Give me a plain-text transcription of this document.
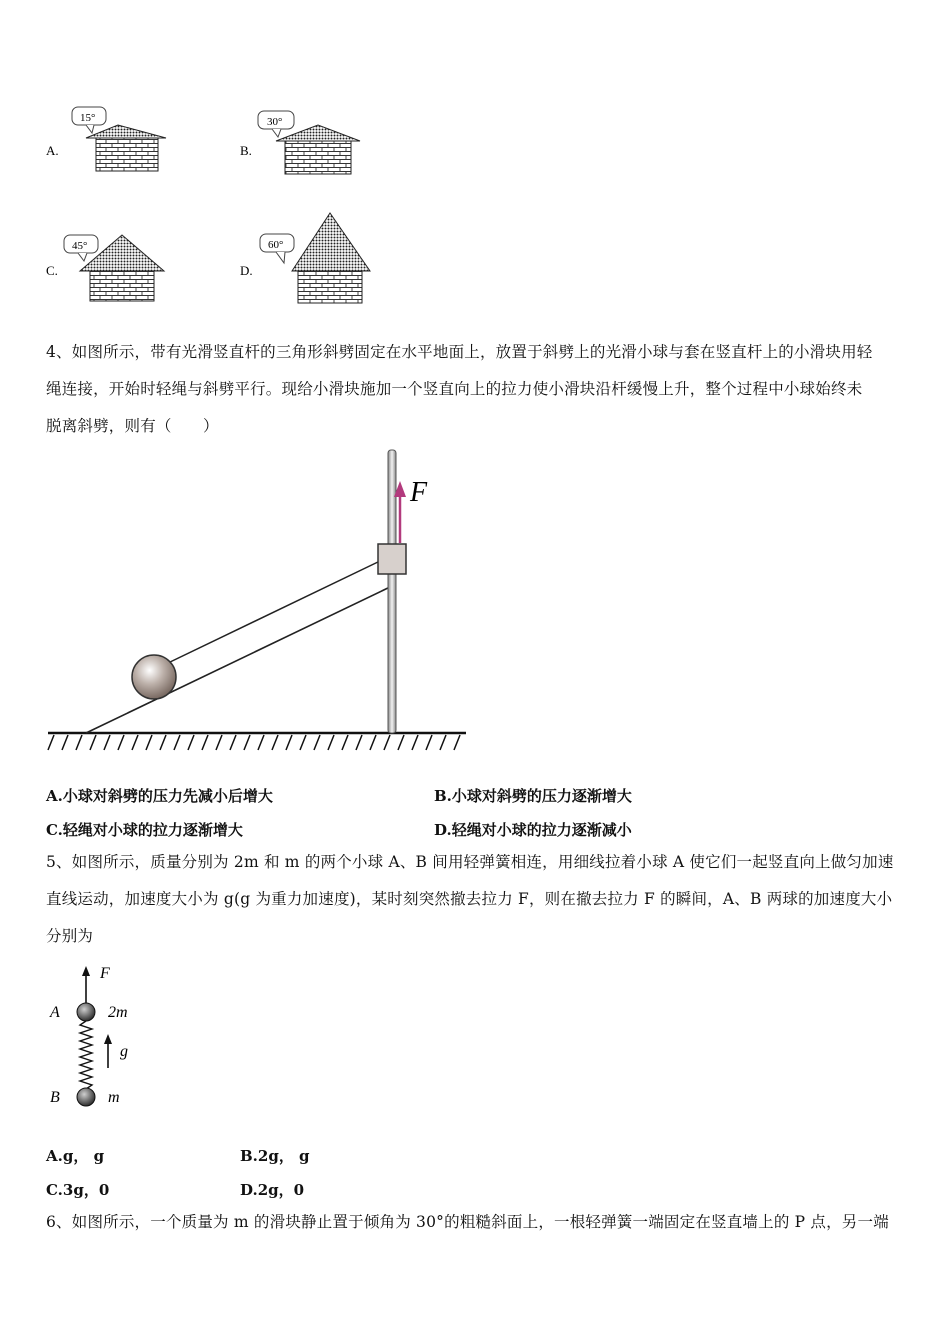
A.
15°
B.
30°
C.
45°
D.
60°
4、如图所示，带有光滑竖直杆的三角形斜劈固定在水平地面上，放置于斜劈上的光滑小球与套在竖直杆上的小滑块用轻
绳连接，开始时轻绳与斜劈平行。现给小滑块施加一个竖直向上的拉力使小滑块沿杆缓慢上升，整个过程中小球始终未
脱离斜劈，则有（　　）
F
A.小球对斜劈的压力先减小后增大	B.小球对斜劈的压力逐渐增大
C.轻绳对小球的拉力逐渐增大	D.轻绳对小球的拉力逐渐减小
5、如图所示，质量分别为 2m 和 m 的两个小球 A、B 间用轻弹簧相连，用细线拉着小球 A 使它们一起竖直向上做匀加速
直线运动，加速度大小为 g(g 为重力加速度)，某时刻突然撤去拉力 F，则在撤去拉力 F 的瞬间，A、B 两球的加速度大小
分别为
F
A	2m
g
B	m
A.g， g	B.2g， g
C.3g，0	D.2g，0
6、如图所示，一个质量为 m 的滑块静止置于倾角为 30°的粗糙斜面上，一根轻弹簧一端固定在竖直墙上的 P 点，另一端
